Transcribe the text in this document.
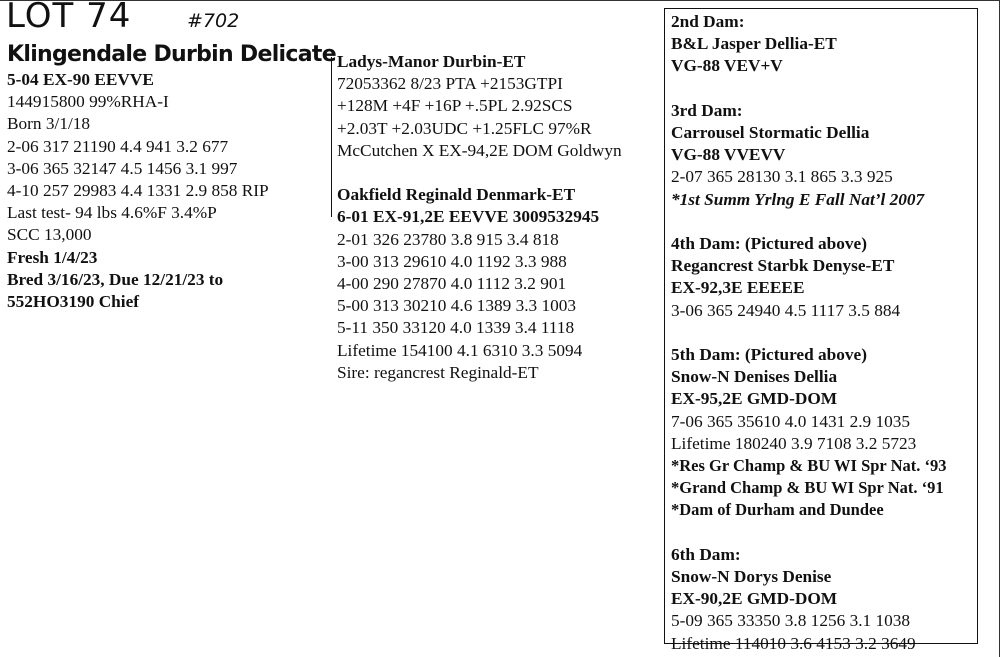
LOT 74	#702
Klingendale Durbin Delicate
5-04 EX-90 EEVVE
144915800 99%RHA-I
Born 3/1/18
2-06 317 21190 4.4 941 3.2 677
3-06 365 32147 4.5 1456 3.1 997
4-10 257 29983 4.4 1331 2.9 858 RIP
Last test- 94 lbs 4.6%F 3.4%P
SCC 13,000
Fresh 1/4/23
Bred 3/16/23, Due 12/21/23 to
552HO3190 Chief
Ladys-Manor Durbin-ET
72053362 8/23 PTA +2153GTPI
+128M +4F +16P +.5PL 2.92SCS
+2.03T +2.03UDC +1.25FLC 97%R
McCutchen X EX-94,2E DOM Goldwyn
Oakfield Reginald Denmark-ET
6-01 EX-91,2E EEVVE 3009532945
2-01 326 23780 3.8 915 3.4 818
3-00 313 29610 4.0 1192 3.3 988
4-00 290 27870 4.0 1112 3.2 901
5-00 313 30210 4.6 1389 3.3 1003
5-11 350 33120 4.0 1339 3.4 1118
Lifetime 154100 4.1 6310 3.3 5094
Sire: regancrest Reginald-ET
2nd Dam:
B&L Jasper Dellia-ET
VG-88 VEV+V
3rd Dam:
Carrousel Stormatic Dellia
VG-88 VVEVV
2-07 365 28130 3.1 865 3.3 925
*1st Summ Yrlng E Fall Nat’l 2007
4th Dam: (Pictured above)
Regancrest Starbk Denyse-ET
EX-92,3E EEEEE
3-06 365 24940 4.5 1117 3.5 884
5th Dam: (Pictured above)
Snow-N Denises Dellia
EX-95,2E GMD-DOM
7-06 365 35610 4.0 1431 2.9 1035
Lifetime 180240 3.9 7108 3.2 5723
*Res Gr Champ & BU WI Spr Nat. ‘93
*Grand Champ & BU WI Spr Nat. ‘91
*Dam of Durham and Dundee
6th Dam:
Snow-N Dorys Denise
EX-90,2E GMD-DOM
5-09 365 33350 3.8 1256 3.1 1038
Lifetime 114010 3.6 4153 3.2 3649
